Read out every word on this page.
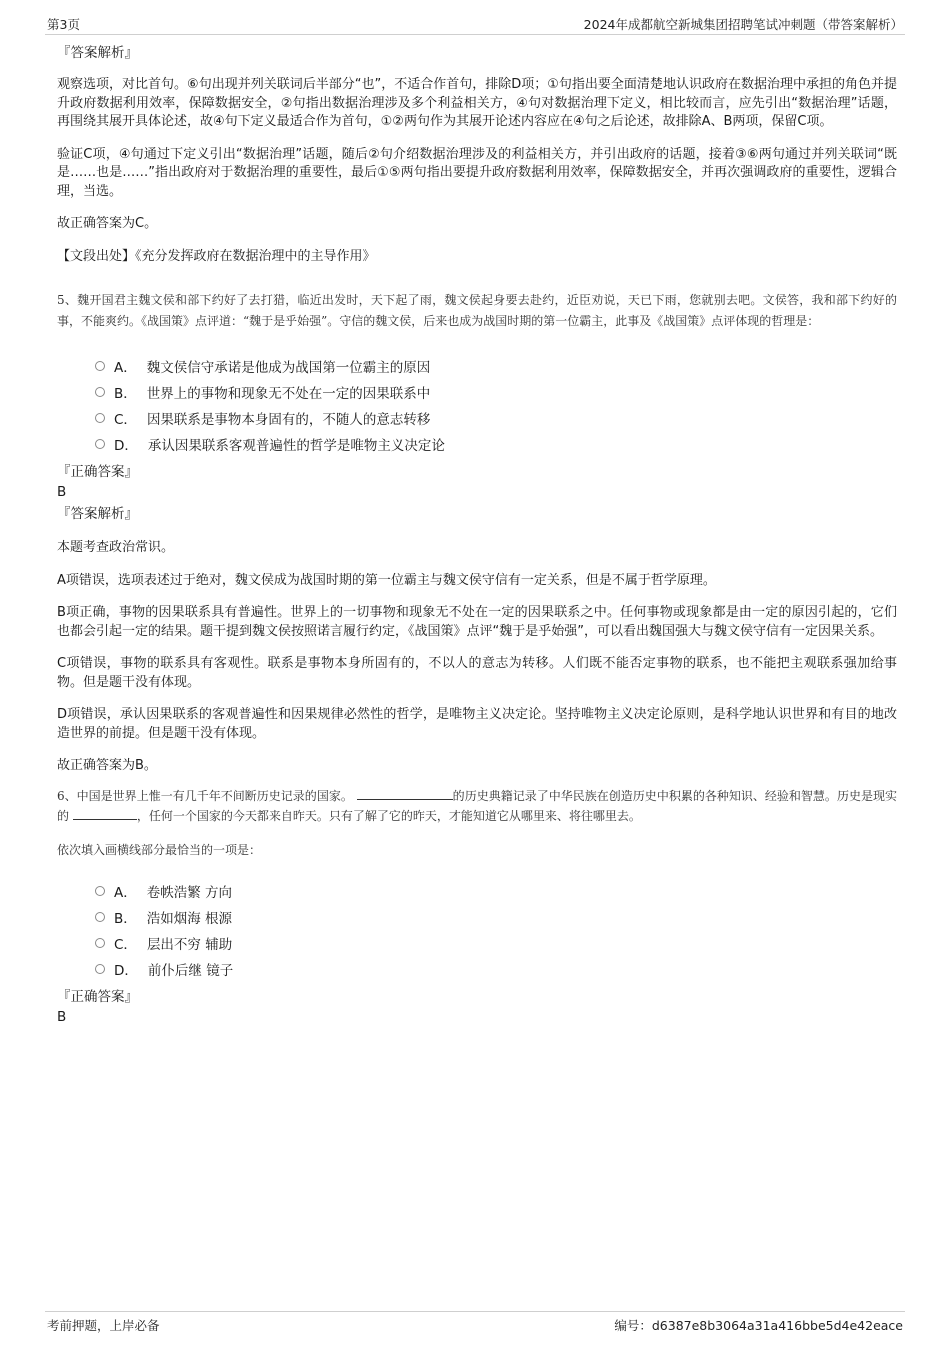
第3页	2024年成都航空新城集团招聘笔试冲刺题（带答案解析）

『答案解析』

观察选项，对比首句。⑥句出现并列关联词后半部分“也”，不适合作首句，排除D项；①句指出要全面清楚地认识政府在数据治理中承担的角色并提升政府数据利用效率，保障数据安全，②句指出数据治理涉及多个利益相关方，④句对数据治理下定义，相比较而言，应先引出“数据治理”话题，再围绕其展开具体论述，故④句下定义最适合作为首句，①②两句作为其展开论述内容应在④句之后论述，故排除A、B两项，保留C项。

验证C项，④句通过下定义引出“数据治理”话题，随后②句介绍数据治理涉及的利益相关方，并引出政府的话题，接着③⑥两句通过并列关联词“既是……也是……”指出政府对于数据治理的重要性，最后①⑤两句指出要提升政府数据利用效率，保障数据安全，并再次强调政府的重要性，逻辑合理，当选。

故正确答案为C。

【文段出处】《充分发挥政府在数据治理中的主导作用》

5、魏开国君主魏文侯和部下约好了去打猎，临近出发时，天下起了雨，魏文侯起身要去赴约，近臣劝说，天已下雨，您就别去吧。文侯答，我和部下约好的事，不能爽约。《战国策》点评道：“魏于是乎始强”。守信的魏文侯，后来也成为战国时期的第一位霸主，此事及《战国策》点评体现的哲理是：

A． 魏文侯信守承诺是他成为战国第一位霸主的原因
B． 世界上的事物和现象无不处在一定的因果联系中
C． 因果联系是事物本身固有的，不随人的意志转移
D． 承认因果联系客观普遍性的哲学是唯物主义决定论

『正确答案』

B

『答案解析』

本题考查政治常识。

A项错误，选项表述过于绝对，魏文侯成为战国时期的第一位霸主与魏文侯守信有一定关系，但是不属于哲学原理。

B项正确，事物的因果联系具有普遍性。世界上的一切事物和现象无不处在一定的因果联系之中。任何事物或现象都是由一定的原因引起的，它们也都会引起一定的结果。题干提到魏文侯按照诺言履行约定，《战国策》点评“魏于是乎始强”，可以看出魏国强大与魏文侯守信有一定因果关系。

C项错误，事物的联系具有客观性。联系是事物本身所固有的，不以人的意志为转移。人们既不能否定事物的联系，也不能把主观联系强加给事物。但是题干没有体现。

D项错误，承认因果联系的客观普遍性和因果规律必然性的哲学，是唯物主义决定论。坚持唯物主义决定论原则，是科学地认识世界和有目的地改造世界的前提。但是题干没有体现。

故正确答案为B。

6、中国是世界上惟一有几千年不间断历史记录的国家。	的历史典籍记录了中华民族在创造历史中积累的各种知识、经验和智慧。历史是现实的	，任何一个国家的今天都来自昨天。只有了解了它的昨天，才能知道它从哪里来、将往哪里去。

依次填入画横线部分最恰当的一项是：

A． 卷帙浩繁 方向
B． 浩如烟海 根源
C． 层出不穷 辅助
D． 前仆后继 镜子

『正确答案』

B

考前押题，上岸必备	编号：d6387e8b3064a31a416bbe5d4e42eace
